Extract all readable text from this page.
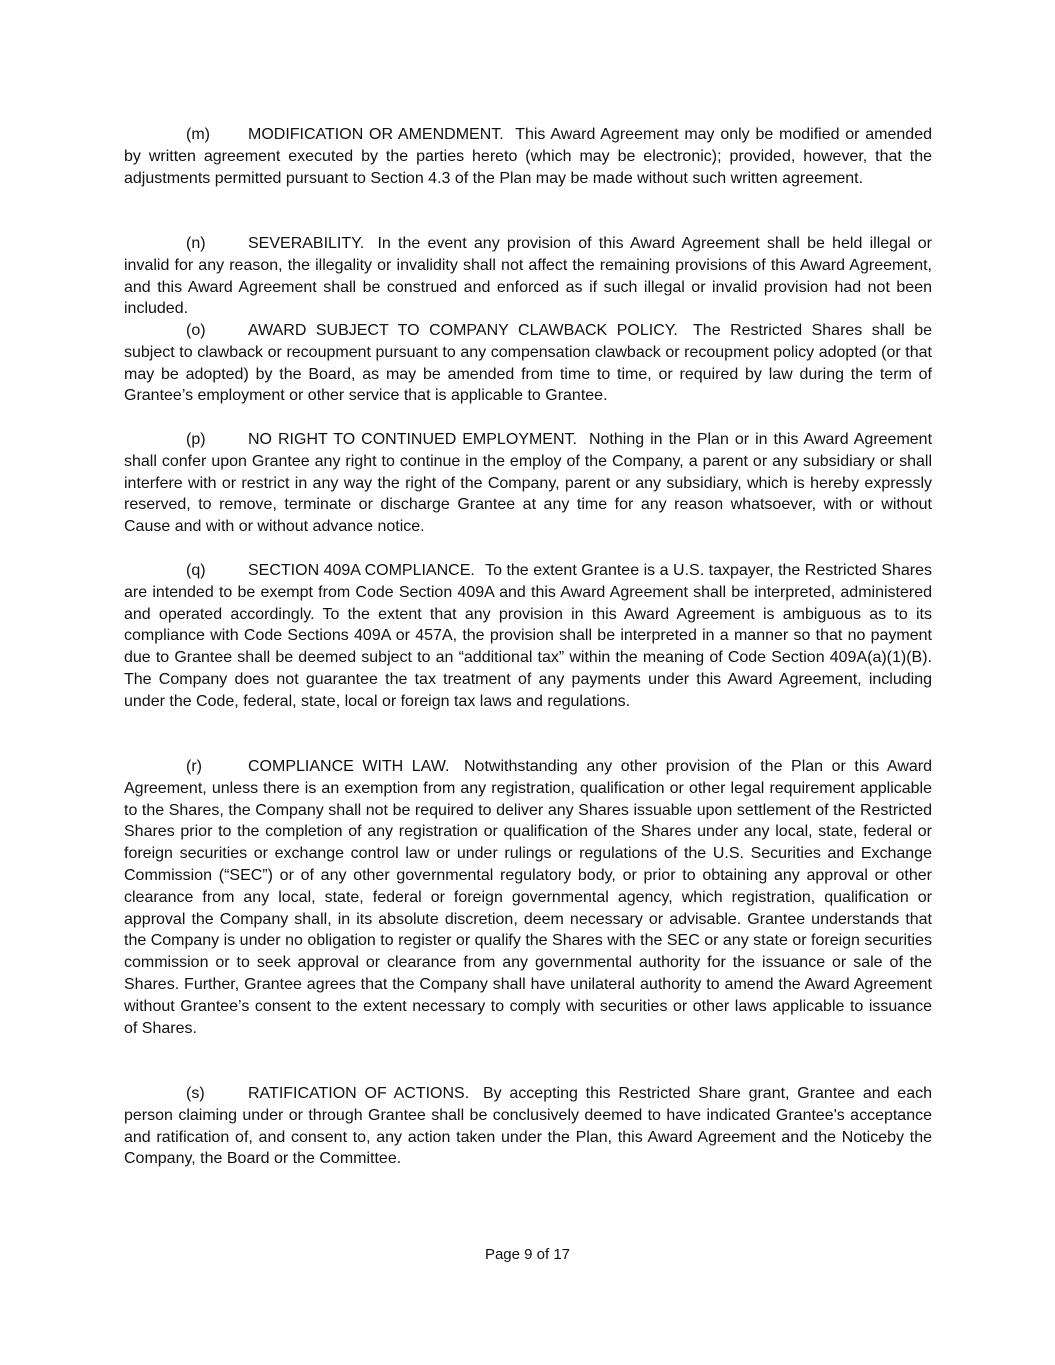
(m) MODIFICATION OR AMENDMENT. This Award Agreement may only be modified or amended by written agreement executed by the parties hereto (which may be electronic); provided, however, that the adjustments permitted pursuant to Section 4.3 of the Plan may be made without such written agreement.

(n)	SEVERABILITY. In the event any provision of this Award Agreement shall be held illegal or invalid for any reason, the illegality or invalidity shall not affect the remaining provisions of this Award Agreement, and this Award Agreement shall be construed and enforced as if such illegal or invalid provision had not been included.

(o)	AWARD SUBJECT TO COMPANY CLAWBACK POLICY. The Restricted Shares shall be subject to clawback or recoupment pursuant to any compensation clawback or recoupment policy adopted (or that may be adopted) by the Board, as may be amended from time to time, or required by law during the term of Grantee’s employment or other service that is applicable to Grantee.

(p)	NO RIGHT TO CONTINUED EMPLOYMENT. Nothing in the Plan or in this Award Agreement shall confer upon Grantee any right to continue in the employ of the Company, a parent or any subsidiary or shall interfere with or restrict in any way the right of the Company, parent or any subsidiary, which is hereby expressly reserved, to remove, terminate or discharge Grantee at any time for any reason whatsoever, with or without Cause and with or without advance notice.

(q)	SECTION 409A COMPLIANCE. To the extent Grantee is a U.S. taxpayer, the Restricted Shares are intended to be exempt from Code Section 409A and this Award Agreement shall be interpreted, administered and operated accordingly. To the extent that any provision in this Award Agreement is ambiguous as to its compliance with Code Sections 409A or 457A, the provision shall be interpreted in a manner so that no payment due to Grantee shall be deemed subject to an “additional tax” within the meaning of Code Section 409A(a)(1)(B). The Company does not guarantee the tax treatment of any payments under this Award Agreement, including under the Code, federal, state, local or foreign tax laws and regulations.

(r)	COMPLIANCE WITH LAW. Notwithstanding any other provision of the Plan or this Award Agreement, unless there is an exemption from any registration, qualification or other legal requirement applicable to the Shares, the Company shall not be required to deliver any Shares issuable upon settlement of the Restricted Shares prior to the completion of any registration or qualification of the Shares under any local, state, federal or foreign securities or exchange control law or under rulings or regulations of the U.S. Securities and Exchange Commission (“SEC”) or of any other governmental regulatory body, or prior to obtaining any approval or other clearance from any local, state, federal or foreign governmental agency, which registration, qualification or approval the Company shall, in its absolute discretion, deem necessary or advisable. Grantee understands that the Company is under no obligation to register or qualify the Shares with the SEC or any state or foreign securities commission or to seek approval or clearance from any governmental authority for the issuance or sale of the Shares. Further, Grantee agrees that the Company shall have unilateral authority to amend the Award Agreement without Grantee’s consent to the extent necessary to comply with securities or other laws applicable to issuance of Shares.

(s)	RATIFICATION OF ACTIONS. By accepting this Restricted Share grant, Grantee and each person claiming under or through Grantee shall be conclusively deemed to have indicated Grantee's acceptance and ratification of, and consent to, any action taken under the Plan, this Award Agreement and the Noticeby the Company, the Board or the Committee.

Page 9 of 17
